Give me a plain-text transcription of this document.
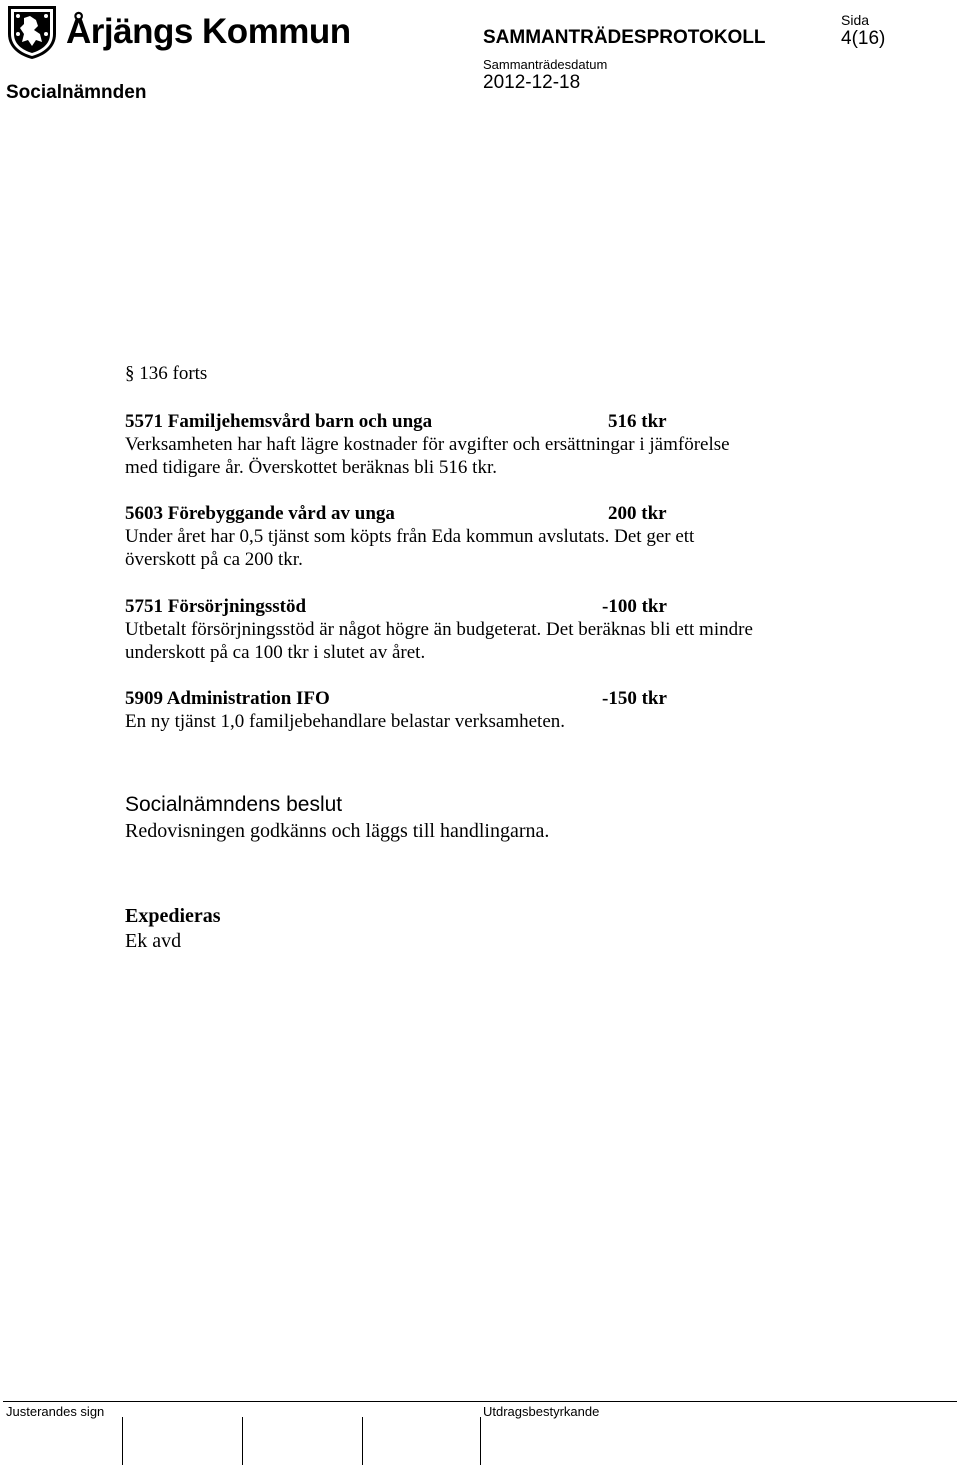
Årjängs Kommun	SAMMANTRÄDESPROTOKOLL
Sammanträdesdatum
2012-12-18
Sida
4(16)
Socialnämnden
§ 136 forts
5571 Familjehemsvård barn och unga	516 tkr
Verksamheten har haft lägre kostnader för avgifter och ersättningar i jämförelse
med tidigare år. Överskottet beräknas bli 516 tkr.
5603 Förebyggande vård av unga	200 tkr
Under året har 0,5 tjänst som köpts från Eda kommun avslutats. Det ger ett
överskott på ca 200 tkr.
5751 Försörjningsstöd	-100 tkr
Utbetalt försörjningsstöd är något högre än budgeterat. Det beräknas bli ett mindre
underskott på ca 100 tkr i slutet av året.
5909 Administration IFO	-150 tkr
En ny tjänst 1,0 familjebehandlare belastar verksamheten.
Socialnämndens beslut
Redovisningen godkänns och läggs till handlingarna.
Expedieras
Ek avd
Justerandes sign	Utdragsbestyrkande
